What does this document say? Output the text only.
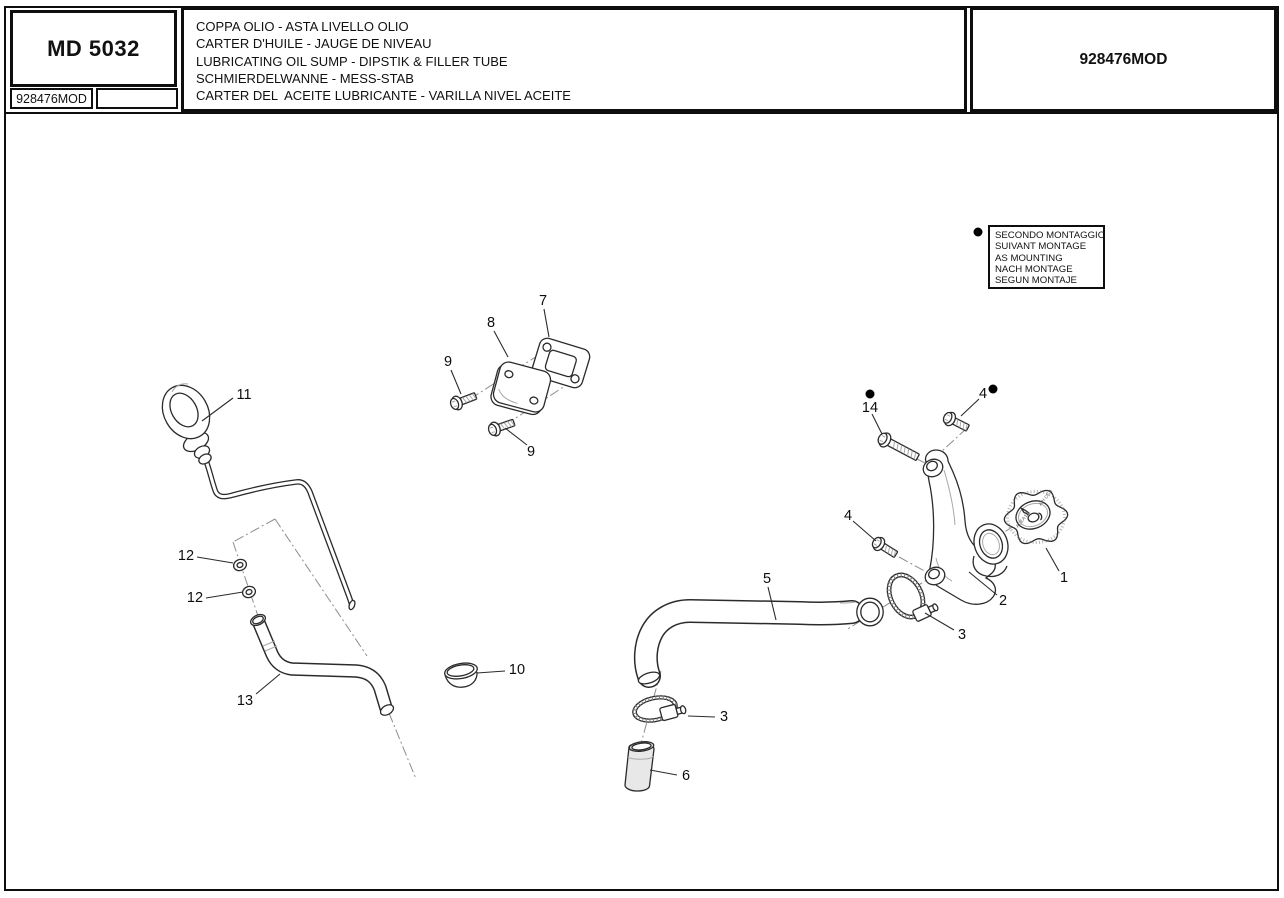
MD 5032
928476MOD
COPPA OLIO - ASTA LIVELLO OLIO
CARTER D'HUILE - JAUGE DE NIVEAU
LUBRICATING OIL SUMP - DIPSTIK & FILLER TUBE
SCHMIERDELWANNE - MESS-STAB
CARTER DEL  ACEITE LUBRICANTE - VARILLA NIVEL ACEITE
928476MOD
SECONDO MONTAGGIO
SUIVANT MONTAGE
AS MOUNTING
NACH MONTAGE
SEGUN MONTAJE
API CF-4
ACEA E3
1
2
3
3
4
4
5
6
7
8
9
9
10
11
12
12
13
14
